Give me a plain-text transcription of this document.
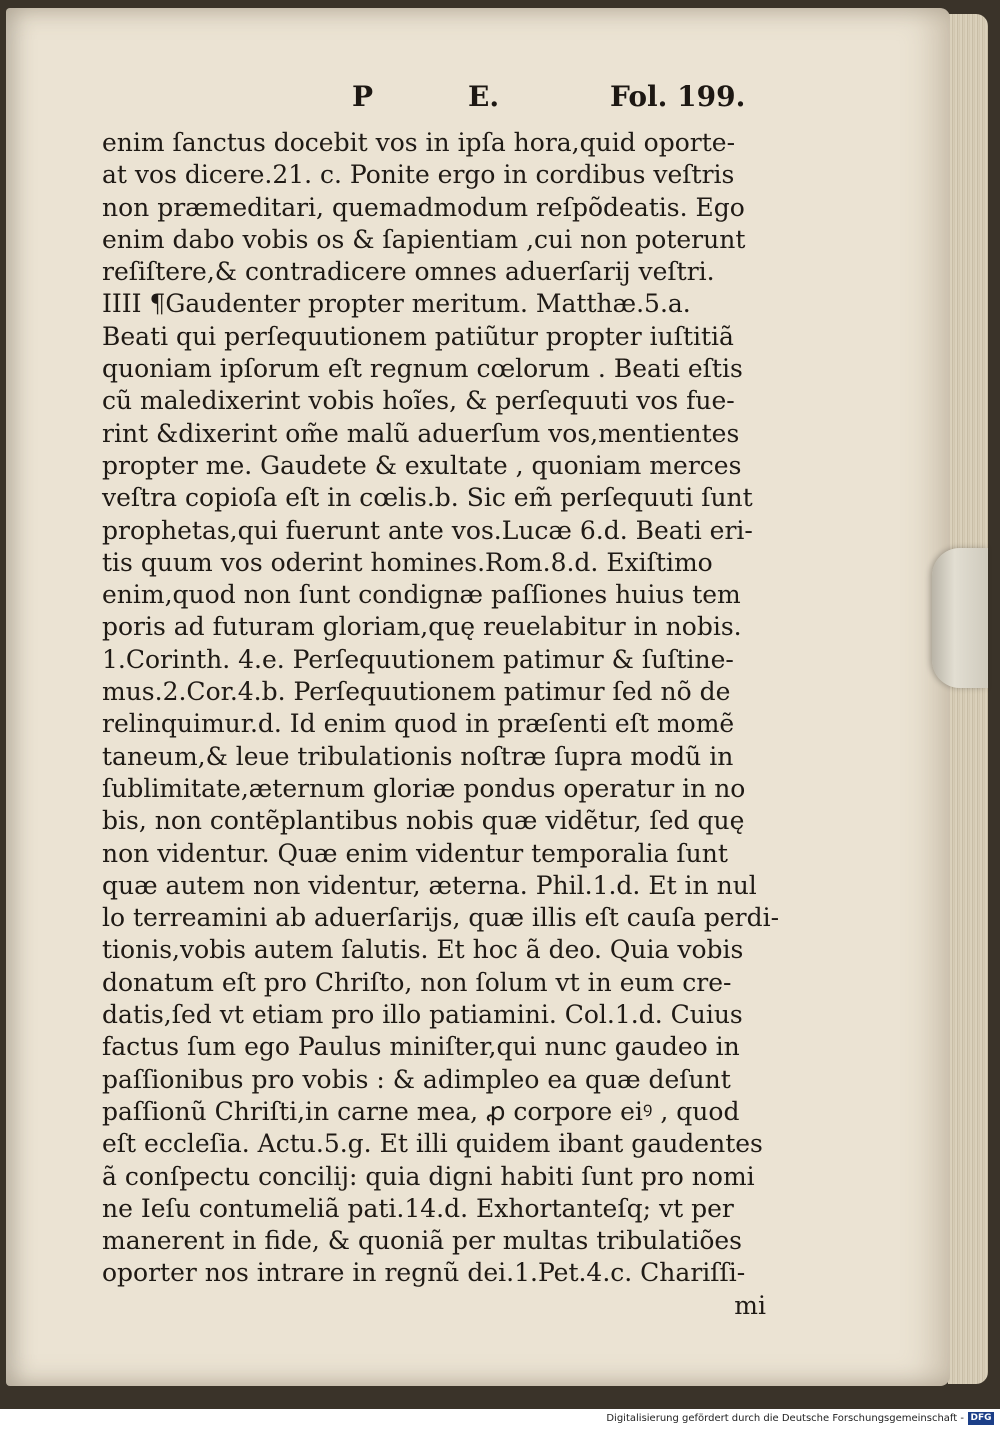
P	E.	Fol. 199.
enim ſanctus docebit vos in ipſa hora,quid oporte-
at vos dicere.21. c. Ponite ergo in cordibus veſtris
non præmeditari, quemadmodum reſpõdeatis. Ego
enim dabo vobis os & ſapientiam ,cui non poterunt
reſiſtere,& contradicere omnes aduerſarij veſtri.
IIII ¶Gaudenter propter meritum. Matthæ.5.a.
Beati qui perſequutionem patiũtur propter iuſtitiã
quoniam ipſorum eſt regnum cœlorum . Beati eſtis
cũ maledixerint vobis hoĩes, & perſequuti vos fue-
rint &dixerint om̃e malũ aduerſum vos,mentientes
propter me. Gaudete & exultate , quoniam merces
veſtra copioſa eſt in cœlis.b. Sic em̃ perſequuti ſunt
prophetas,qui fuerunt ante vos.Lucæ 6.d. Beati eri-
tis quum vos oderint homines.Rom.8.d. Exiſtimo
enim,quod non ſunt condignæ paſſiones huius tem
poris ad futuram gloriam,quę reuelabitur in nobis.
1.Corinth. 4.e. Perſequutionem patimur & ſuſtine-
mus.2.Cor.4.b. Perſequutionem patimur ſed nõ de
relinquimur.d. Id enim quod in præſenti eſt momẽ
taneum,& leue tribulationis noſtræ ſupra modũ in
ſublimitate,æternum gloriæ pondus operatur in no
bis, non contẽplantibus nobis quæ vidẽtur, ſed quę
non videntur. Quæ enim videntur temporalia ſunt
quæ autem non videntur, æterna. Phil.1.d. Et in nul
lo terreamini ab aduerſarijs, quæ illis eſt cauſa perdi-
tionis,vobis autem ſalutis. Et hoc ã deo. Quia vobis
donatum eſt pro Chriſto, non ſolum vt in eum cre-
datis,ſed vt etiam pro illo patiamini. Col.1.d. Cuius
factus ſum ego Paulus miniſter,qui nunc gaudeo in
paſſionibus pro vobis : & adimpleo ea quæ deſunt
paſſionũ Chriſti,in carne mea, ꝓ corpore eiꝰ , quod
eſt eccleſia. Actu.5.g. Et illi quidem ibant gaudentes
ã conſpectu concilij: quia digni habiti ſunt pro nomi
ne Ieſu contumeliã pati.14.d. Exhortanteſq; vt per
manerent in fide, & quoniã per multas tribulatiões
oporter nos intrare in regnũ dei.1.Pet.4.c. Chariſſi-
mi
Digitalisierung gefördert durch die Deutsche Forschungsgemeinschaft - DFG
